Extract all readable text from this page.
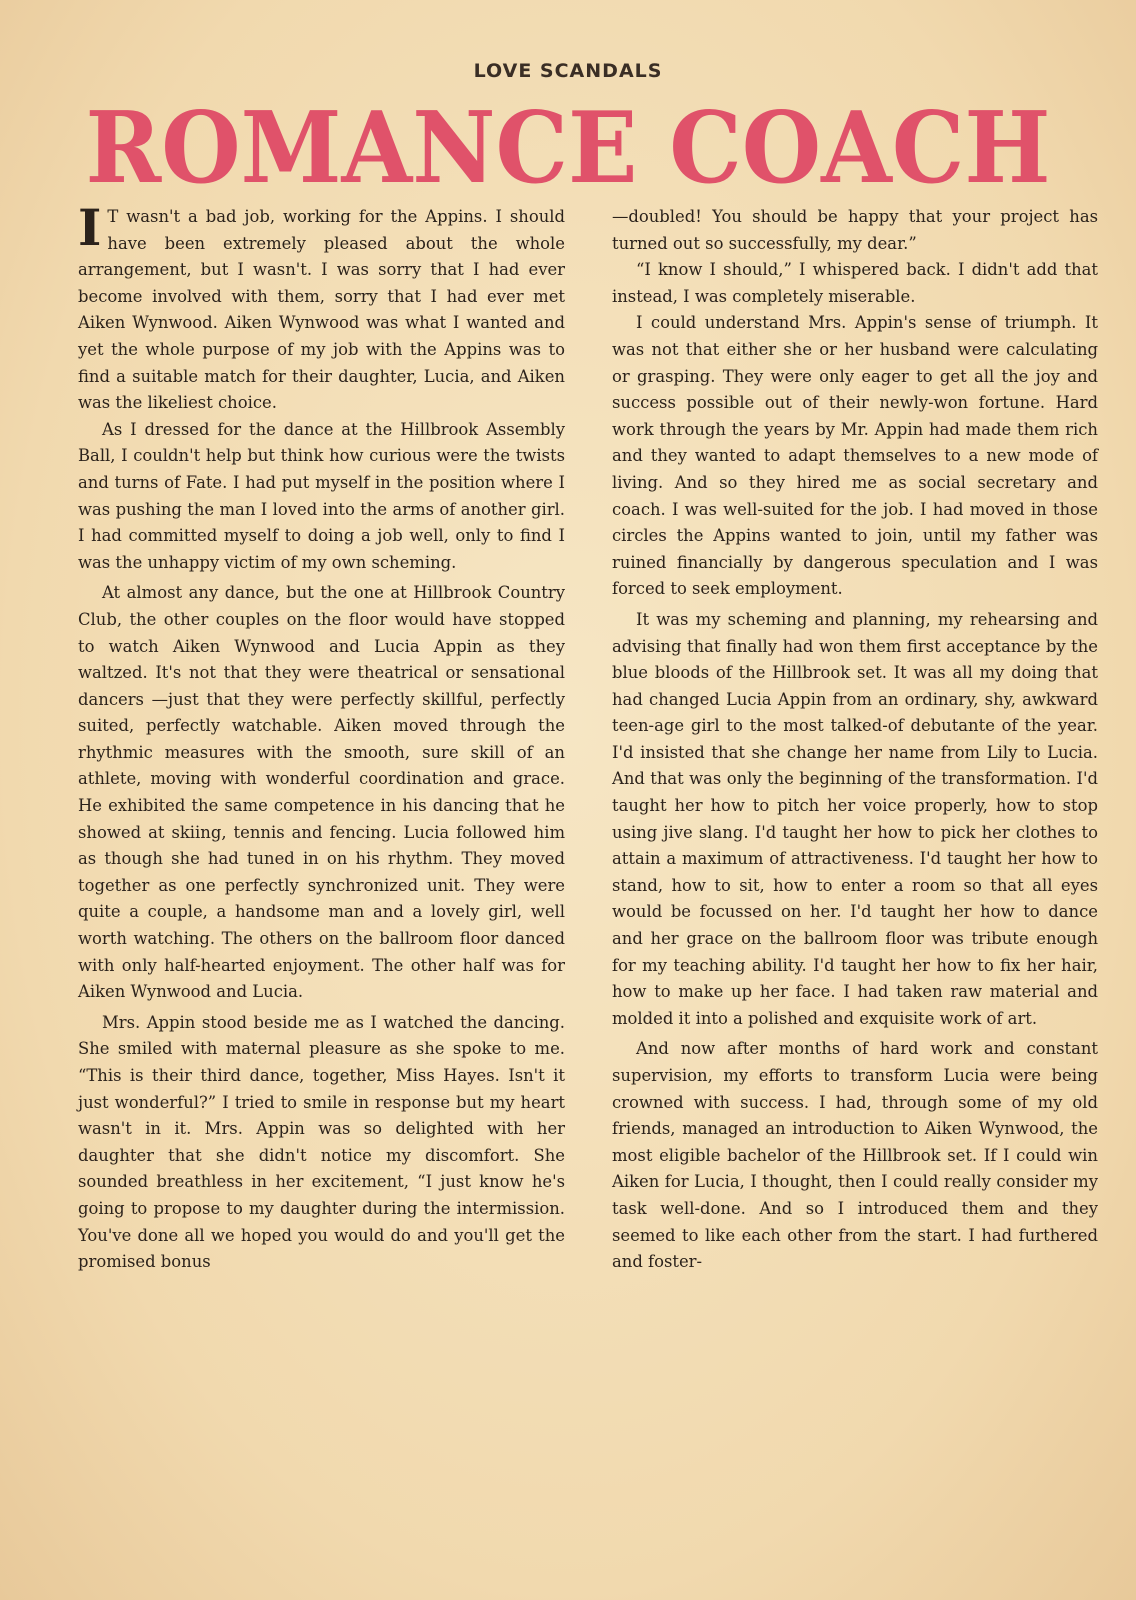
LOVE SCANDALS
ROMANCE COACH

I T wasn't a bad job, working for the Appins. I should have been extremely pleased about the whole arrangement, but I wasn't. I was sorry that I had ever become involved with them, sorry that I had ever met Aiken Wynwood. Aiken Wynwood was what I wanted and yet the whole purpose of my job with the Appins was to find a suitable match for their daughter, Lucia, and Aiken was the likeliest choice.

As I dressed for the dance at the Hillbrook Assembly Ball, I couldn't help but think how curious were the twists and turns of Fate. I had put myself in the position where I was pushing the man I loved into the arms of another girl. I had committed myself to doing a job well, only to find I was the unhappy victim of my own scheming.

At almost any dance, but the one at Hillbrook Country Club, the other couples on the floor would have stopped to watch Aiken Wynwood and Lucia Appin as they waltzed. It's not that they were theatrical or sensational dancers —just that they were perfectly skillful, perfectly suited, perfectly watchable. Aiken moved through the rhythmic measures with the smooth, sure skill of an athlete, moving with wonderful coordination and grace. He exhibited the same competence in his dancing that he showed at skiing, tennis and fencing. Lucia followed him as though she had tuned in on his rhythm. They moved together as one perfectly synchronized unit. They were quite a couple, a handsome man and a lovely girl, well worth watching. The others on the ballroom floor danced with only half-hearted enjoyment. The other half was for Aiken Wynwood and Lucia.

Mrs. Appin stood beside me as I watched the dancing. She smiled with maternal pleasure as she spoke to me. “This is their third dance, together, Miss Hayes. Isn't it just wonderful?” I tried to smile in response but my heart wasn't in it. Mrs. Appin was so delighted with her daughter that she didn't notice my discomfort. She sounded breathless in her excitement, “I just know he's going to propose to my daughter during the intermission. You've done all we hoped you would do and you'll get the promised bonus

—doubled! You should be happy that your project has turned out so successfully, my dear.”

“I know I should,” I whispered back. I didn't add that instead, I was completely miserable.

I could understand Mrs. Appin's sense of triumph. It was not that either she or her husband were calculating or grasping. They were only eager to get all the joy and success possible out of their newly-won fortune. Hard work through the years by Mr. Appin had made them rich and they wanted to adapt themselves to a new mode of living. And so they hired me as social secretary and coach. I was well-suited for the job. I had moved in those circles the Appins wanted to join, until my father was ruined financially by dangerous speculation and I was forced to seek employment.

It was my scheming and planning, my rehearsing and advising that finally had won them first acceptance by the blue bloods of the Hillbrook set. It was all my doing that had changed Lucia Appin from an ordinary, shy, awkward teen-age girl to the most talked-of debutante of the year. I'd insisted that she change her name from Lily to Lucia. And that was only the beginning of the transformation. I'd taught her how to pitch her voice properly, how to stop using jive slang. I'd taught her how to pick her clothes to attain a maximum of attractiveness. I'd taught her how to stand, how to sit, how to enter a room so that all eyes would be focussed on her. I'd taught her how to dance and her grace on the ballroom floor was tribute enough for my teaching ability. I'd taught her how to fix her hair, how to make up her face. I had taken raw material and molded it into a polished and exquisite work of art.

And now after months of hard work and constant supervision, my efforts to transform Lucia were being crowned with success. I had, through some of my old friends, managed an introduction to Aiken Wynwood, the most eligible bachelor of the Hillbrook set. If I could win Aiken for Lucia, I thought, then I could really consider my task well-done. And so I introduced them and they seemed to like each other from the start. I had furthered and foster-
